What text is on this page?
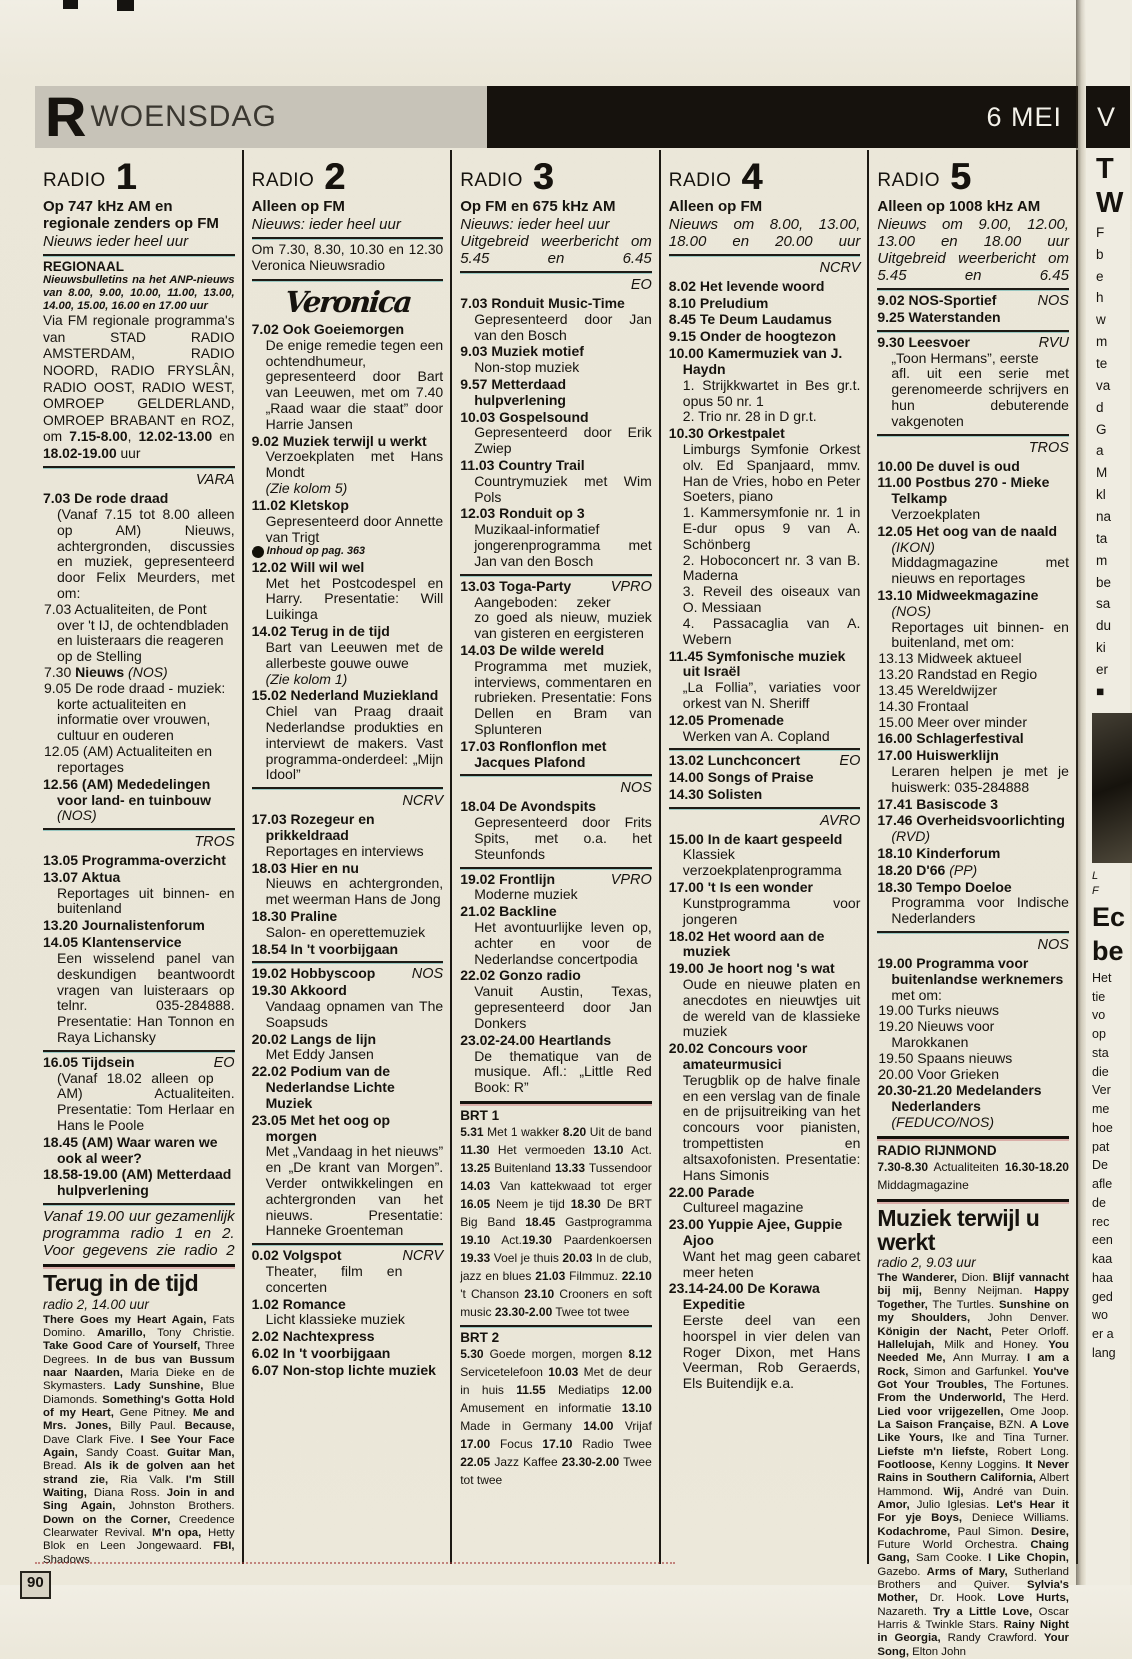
R WOENSDAG	6 MEI
RADIO 1

Op 747 kHz AM en regionale zenders op FM

Nieuws ieder heel uur

REGIONAAL

Nieuwsbulletins na het ANP-nieuws van 8.00, 9.00, 10.00, 11.00, 13.00, 14.00, 15.00, 16.00 en 17.00 uur

Via FM regionale programma's van STAD RADIO AMSTERDAM, RADIO NOORD, RADIO FRYSLÂN, RADIO OOST, RADIO WEST, OMROEP GELDERLAND, OMROEP BRABANT en ROZ, om 7.15-8.00, 12.02-13.00 en 18.02-19.00 uur

VARA

7.03 De rode draad

(Vanaf 7.15 tot 8.00 alleen op AM) Nieuws, achtergronden, discussies en muziek, gepresenteerd door Felix Meurders, met om:

7.03 Actualiteiten, de Pont over 't IJ, de ochtendbladen en luisteraars die reageren op de Stelling

7.30 Nieuws (NOS)

9.05 De rode draad - muziek: korte actualiteiten en informatie over vrouwen, cultuur en ouderen

12.05 (AM) Actualiteiten en reportages

12.56 (AM) Mededelingen voor land- en tuinbouw (NOS)

TROS

13.05 Programma-overzicht

13.07 Aktua

Reportages uit binnen- en buitenland

13.20 Journalistenforum

14.05 Klantenservice

Een wisselend panel van deskundigen beantwoordt vragen van luisteraars op telnr. 035-284888. Presentatie: Han Tonnon en Raya Lichansky

EO
16.05 Tijdsein

(Vanaf 18.02 alleen op AM) Actualiteiten. Presentatie: Tom Herlaar en Hans le Poole

18.45 (AM) Waar waren we ook al weer?

18.58-19.00 (AM) Metterdaad hulpverlening

Vanaf 19.00 uur gezamenlijk programma radio 1 en 2. Voor gegevens zie radio 2

Terug in de tijd

radio 2, 14.00 uur

There Goes my Heart Again, Fats Domino. Amarillo, Tony Christie. Take Good Care of Yourself, Three Degrees. In de bus van Bussum naar Naarden, Maria Dieke en de Skymasters. Lady Sunshine, Blue Diamonds. Something's Gotta Hold of my Heart, Gene Pitney. Me and Mrs. Jones, Billy Paul. Because, Dave Clark Five. I See Your Face Again, Sandy Coast. Guitar Man, Bread. Als ik de golven aan het strand zie, Ria Valk. I'm Still Waiting, Diana Ross. Join in and Sing Again, Johnston Brothers. Down on the Corner, Creedence Clearwater Revival. M'n opa, Hetty Blok en Leen Jongewaard. FBI, Shadows

RADIO 2

Alleen op FM

Nieuws: ieder heel uur

Om 7.30, 8.30, 10.30 en 12.30 Veronica Nieuwsradio

Veronica

7.02 Ook Goeiemorgen

De enige remedie tegen een ochtendhumeur, gepresenteerd door Bart van Leeuwen, met om 7.40 „Raad waar die staat” door Harrie Jansen

9.02 Muziek terwijl u werkt

Verzoekplaten met Hans Mondt

(Zie kolom 5)

11.02 Kletskop

Gepresenteerd door Annette van Trigt

T Inhoud op pag. 363

12.02 Will wil wel

Met het Postcodespel en Harry. Presentatie: Will Luikinga

14.02 Terug in de tijd

Bart van Leeuwen met de allerbeste gouwe ouwe

(Zie kolom 1)

15.02 Nederland Muziekland

Chiel van Praag draait Nederlandse produkties en interviewt de makers. Vast programma-onderdeel: „Mijn Idool”

NCRV

17.03 Rozegeur en prikkeldraad

Reportages en interviews

18.03 Hier en nu

Nieuws en achtergronden, met weerman Hans de Jong

18.30 Praline

Salon- en operettemuziek

18.54 In 't voorbijgaan

NOS
19.02 Hobbyscoop

19.30 Akkoord

Vandaag opnamen van The Soapsuds

20.02 Langs de lijn

Met Eddy Jansen

22.02 Podium van de Nederlandse Lichte Muziek

23.05 Met het oog op morgen

Met „Vandaag in het nieuws” en „De krant van Morgen”. Verder ontwikkelingen en achtergronden van het nieuws. Presentatie: Hanneke Groenteman

NCRV
0.02 Volgspot

Theater, film en concerten

1.02 Romance

Licht klassieke muziek

2.02 Nachtexpress

6.02 In 't voorbijgaan

6.07 Non-stop lichte muziek

RADIO 3

Op FM en 675 kHz AM

Nieuws: ieder heel uur

Uitgebreid weerbericht om 5.45 en 6.45

EO

7.03 Ronduit Music-Time

Gepresenteerd door Jan van den Bosch

9.03 Muziek motief

Non-stop muziek

9.57 Metterdaad hulpverlening

10.03 Gospelsound

Gepresenteerd door Erik Zwiep

11.03 Country Trail

Countrymuziek met Wim Pols

12.03 Ronduit op 3

Muzikaal-informatief jongerenprogramma met Jan van den Bosch

VPRO
13.03 Toga-Party

Aangeboden: zeker zo goed als nieuw, muziek van gisteren en eergisteren

14.03 De wilde wereld

Programma met muziek, interviews, commentaren en rubrieken. Presentatie: Fons Dellen en Bram van Splunteren

17.03 Ronflonflon met Jacques Plafond

NOS

18.04 De Avondspits

Gepresenteerd door Frits Spits, met o.a. het Steunfonds

VPRO
19.02 Frontlijn

Moderne muziek

21.02 Backline

Het avontuurlijke leven op, achter en voor de Nederlandse concertpodia

22.02 Gonzo radio

Vanuit Austin, Texas, gepresenteerd door Jan Donkers

23.02-24.00 Heartlands

De thematique van de musique. Afl.: „Little Red Book: R”

BRT 1

5.31 Met 1 wakker 8.20 Uit de band 11.30 Het vermoeden 13.10 Act. 13.25 Buitenland 13.33 Tussendoor 14.03 Van kattekwaad tot erger 16.05 Neem je tijd 18.30 De BRT Big Band 18.45 Gastprogramma 19.10 Act.19.30 Paardenkoersen 19.33 Voel je thuis 20.03 In de club, jazz en blues 21.03 Filmmuz. 22.10 't Chanson 23.10 Crooners en soft music 23.30-2.00 Twee tot twee

BRT 2

5.30 Goede morgen, morgen 8.12 Servicetelefoon 10.03 Met de deur in huis 11.55 Mediatips 12.00 Amusement en informatie 13.10 Made in Germany 14.00 Vrijaf 17.00 Focus 17.10 Radio Twee 22.05 Jazz Kaffee 23.30-2.00 Twee tot twee

RADIO 4

Alleen op FM

Nieuws om 8.00, 13.00, 18.00 en 20.00 uur

NCRV

8.02 Het levende woord

8.10 Preludium

8.45 Te Deum Laudamus

9.15 Onder de hoogtezon

10.00 Kamermuziek van J. Haydn

1. Strijkkwartet in Bes gr.t. opus 50 nr. 1

2. Trio nr. 28 in D gr.t.

10.30 Orkestpalet

Limburgs Symfonie Orkest olv. Ed Spanjaard, mmv. Han de Vries, hobo en Peter Soeters, piano

1. Kammersymfonie nr. 1 in E-dur opus 9 van A. Schönberg

2. Hoboconcert nr. 3 van B. Maderna

3. Reveil des oiseaux van O. Messiaan

4. Passacaglia van A. Webern

11.45 Symfonische muziek uit Israël

„La Follia”, variaties voor orkest van N. Sheriff

12.05 Promenade

Werken van A. Copland

EO
13.02 Lunchconcert

14.00 Songs of Praise

14.30 Solisten

AVRO

15.00 In de kaart gespeeld

Klassiek verzoekplatenprogramma

17.00 't Is een wonder

Kunstprogramma voor jongeren

18.02 Het woord aan de muziek

19.00 Je hoort nog 's wat

Oude en nieuwe platen en anecdotes en nieuwtjes uit de wereld van de klassieke muziek

20.02 Concours voor amateurmusici

Terugblik op de halve finale en een verslag van de finale en de prijsuitreiking van het concours voor pianisten, trompettisten en altsaxofonisten. Presentatie: Hans Simonis

22.00 Parade

Cultureel magazine

23.00 Yuppie Ajee, Guppie Ajoo

Want het mag geen cabaret meer heten

23.14-24.00 De Korawa Expeditie

Eerste deel van een hoorspel in vier delen van Roger Dixon, met Hans Veerman, Rob Geraerds, Els Buitendijk e.a.

RADIO 5

Alleen op 1008 kHz AM

Nieuws om 9.00, 12.00, 13.00 en 18.00 uur

Uitgebreid weerbericht om 5.45 en 6.45

NOS
9.02 NOS-Sportief

9.25 Waterstanden

RVU
9.30 Leesvoer

„Toon Hermans”, eerste afl. uit een serie met gerenomeerde schrijvers en hun debuterende vakgenoten

TROS

10.00 De duvel is oud

11.00 Postbus 270 - Mieke Telkamp

Verzoekplaten

12.05 Het oog van de naald (IKON)

Middagmagazine met nieuws en reportages

13.10 Midweekmagazine (NOS)

Reportages uit binnen- en buitenland, met om:

13.13 Midweek aktueel

13.20 Randstad en Regio

13.45 Wereldwijzer

14.30 Frontaal

15.00 Meer over minder

16.00 Schlagerfestival

17.00 Huiswerklijn

Leraren helpen je met je huiswerk: 035-284888

17.41 Basiscode 3

17.46 Overheidsvoorlichting (RVD)

18.10 Kinderforum

18.20 D'66 (PP)

18.30 Tempo Doeloe

Programma voor Indische Nederlanders

NOS

19.00 Programma voor buitenlandse werknemers met om:

19.00 Turks nieuws

19.20 Nieuws voor Marokkanen

19.50 Spaans nieuws

20.00 Voor Grieken

20.30-21.20 Medelanders Nederlanders (FEDUCO/NOS)

RADIO RIJNMOND

7.30-8.30 Actualiteiten 16.30-18.20 Middagmagazine

Muziek terwijl u werkt

radio 2, 9.03 uur

The Wanderer, Dion. Blijf vannacht bij mij, Benny Neijman. Happy Together, The Turtles. Sunshine on my Shoulders, John Denver. Königin der Nacht, Peter Orloff. Hallelujah, Milk and Honey. You Needed Me, Ann Murray. I am a Rock, Simon and Garfunkel. You've Got Your Troubles, The Fortunes. From the Underworld, The Herd. Lied voor vrijgezellen, Ome Joop. La Saison Française, BZN. A Love Like Yours, Ike and Tina Turner. Liefste m'n liefste, Robert Long. Footloose, Kenny Loggins. It Never Rains in Southern California, Albert Hammond. Wij, André van Duin. Amor, Julio Iglesias. Let's Hear it For yje Boys, Deniece Williams. Kodachrome, Paul Simon. Desire, Future World Orchestra. Chaing Gang, Sam Cooke. I Like Chopin, Gazebo. Arms of Mary, Sutherland Brothers and Quiver. Sylvia's Mother, Dr. Hook. Love Hurts, Nazareth. Try a Little Love, Oscar Harris & Twinkle Stars. Rainy Night in Georgia, Randy Crawford. Your Song, Elton John

V
T
W
F
b
e
h
w
m
te
va
d
G
a
M
kl
na
ta
m
be
sa
du
ki
er
■
L
F
Ec
be
Het
tie
vo
op
sta
die
Ver
me
hoe
pat
De
afle
de
rec
een
kaa
haa
ged
wo
er a
lang
90
